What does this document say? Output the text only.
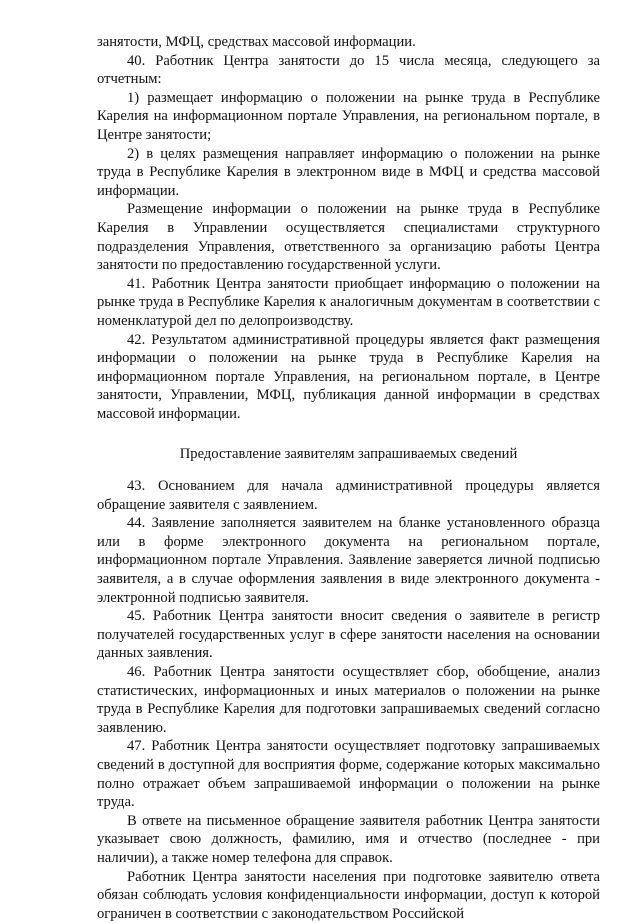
занятости, МФЦ, средствах массовой информации.

40. Работник Центра занятости до 15 числа месяца, следующего за отчетным:

1) размещает информацию о положении на рынке труда в Республике Карелия на информационном портале Управления, на региональном портале, в Центре занятости;

2) в целях размещения направляет информацию о положении на рынке труда в Республике Карелия в электронном виде в МФЦ и средства массовой информации.

Размещение информации о положении на рынке труда в Республике Карелия в Управлении осуществляется специалистами структурного подразделения Управления, ответственного за организацию работы Центра занятости по предоставлению государственной услуги.

41. Работник Центра занятости приобщает информацию о положении на рынке труда в Республике Карелия к аналогичным документам в соответствии с номенклатурой дел по делопроизводству.

42. Результатом административной процедуры является факт размещения информации о положении на рынке труда в Республике Карелия на информационном портале Управления, на региональном портале, в Центре занятости, Управлении, МФЦ, публикация данной информации в средствах массовой информации.

Предоставление заявителям запрашиваемых сведений

43. Основанием для начала административной процедуры является обращение заявителя с заявлением.

44. Заявление заполняется заявителем на бланке установленного образца или в форме электронного документа на региональном портале, информационном портале Управления. Заявление заверяется личной подписью заявителя, а в случае оформления заявления в виде электронного документа - электронной подписью заявителя.

45. Работник Центра занятости вносит сведения о заявителе в регистр получателей государственных услуг в сфере занятости населения на основании данных заявления.

46. Работник Центра занятости осуществляет сбор, обобщение, анализ статистических, информационных и иных материалов о положении на рынке труда в Республике Карелия для подготовки запрашиваемых сведений согласно заявлению.

47. Работник Центра занятости осуществляет подготовку запрашиваемых сведений в доступной для восприятия форме, содержание которых максимально полно отражает объем запрашиваемой информации о положении на рынке труда.

В ответе на письменное обращение заявителя работник Центра занятости указывает свою должность, фамилию, имя и отчество (последнее - при наличии), а также номер телефона для справок.

Работник Центра занятости населения при подготовке заявителю ответа обязан соблюдать условия конфиденциальности информации, доступ к которой ограничен в соответствии с законодательством Российской
